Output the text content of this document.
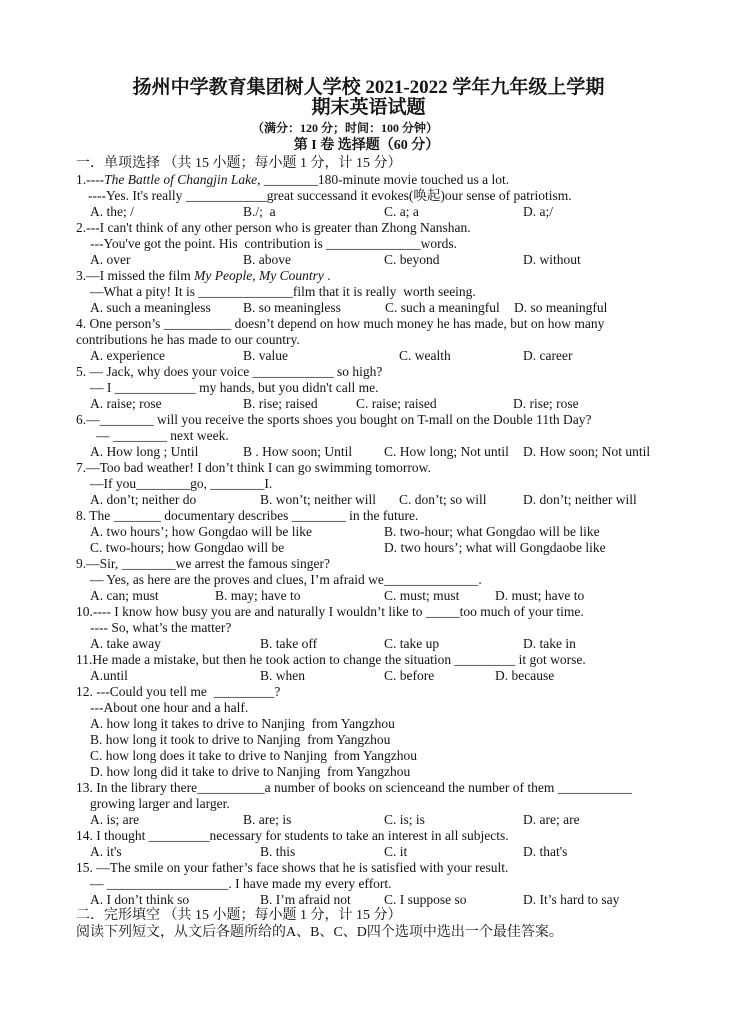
扬州中学教育集团树人学校 2021-2022 学年九年级上学期
期末英语试题
（满分：120 分；时间：100 分钟）
第 I 卷 选择题（60 分）
一．单项选择 （共 15 小题；每小题 1 分，计 15 分）
1.----The Battle of Changjin Lake, ________180-minute movie touched us a lot.
----Yes. It's really ____________great successand it evokes(唤起)our sense of patriotism.

A. the; /

	B./;  a

	C. a; a

	D. a;/

2.---I can't think of any other person who is greater than Zhong Nanshan.
---You've got the point. His  contribution is ______________words.

A. over

	B. above

	C. beyond

	D. without

3.—I missed the film My People, My Country .
—What a pity! It is ______________film that it is really  worth seeing.

A. such a meaningless

B. so meaningless

	C. such a meaningful

D. so meaningful

4. One person’s __________ doesn’t depend on how much money he has made, but on how many
contributions he has made to our country.

A. experience

	B. value

	C. wealth

	D. career

5. — Jack, why does your voice ____________ so high?
— I ____________ my hands, but you didn't call me.

A. raise; rose

	B. rise; raised

	C. raise; raised

	D. rise; rose

6.—________ will you receive the sports shoes you bought on T-mall on the Double 11th Day?
— ________ next week.

A. How long ; Until

	B . How soon; Until

C. How long; Not until

D. How soon; Not until

7.—Too bad weather! I don’t think I can go swimming tomorrow.
—If you________go, ________I.

A. don’t; neither do

	B. won’t; neither will

C. don’t; so will

	D. don’t; neither will

8. The _______ documentary describes ________ in the future.

A. two hours’; how Gongdao will be like

	B. two-hour; what Gongdao will be like

C. two-hours; how Gongdao will be

	D. two hours’; what will Gongdaobe like

9.—Sir, ________we arrest the famous singer?
— Yes, as here are the proves and clues, I’m afraid we______________.

A. can; must

	B. may; have to

	C. must; must

	D. must; have to

10.---- I know how busy you are and naturally I wouldn’t like to _____too much of your time.
---- So, what’s the matter?

A. take away

	B. take off

	C. take up

	D. take in

11.He made a mistake, but then he took action to change the situation _________ it got worse.

A.until

	B. when

	C. before

	D. because

12. ---Could you tell me  _________?
---About one hour and a half.
A. how long it takes to drive to Nanjing  from Yangzhou
B. how long it took to drive to Nanjing  from Yangzhou
C. how long does it take to drive to Nanjing  from Yangzhou
D. how long did it take to drive to Nanjing  from Yangzhou
13. In the library there__________a number of books on scienceand the number of them ___________
growing larger and larger.

A. is; are

	B. are; is

	C. is; is

	D. are; are

14. I thought _________necessary for students to take an interest in all subjects.

A. it's

	B. this

	C. it

	D. that's

15. —The smile on your father’s face shows that he is satisfied with your result.
— __________________. I have made my every effort.

A. I don’t think so

	B. I’m afraid not

C. I suppose so

	D. It’s hard to say

二．完形填空 （共 15 小题；每小题 1 分，计 15 分）
阅读下列短文，从文后各题所给的A、B、C、D四个选项中选出一个最佳答案。
